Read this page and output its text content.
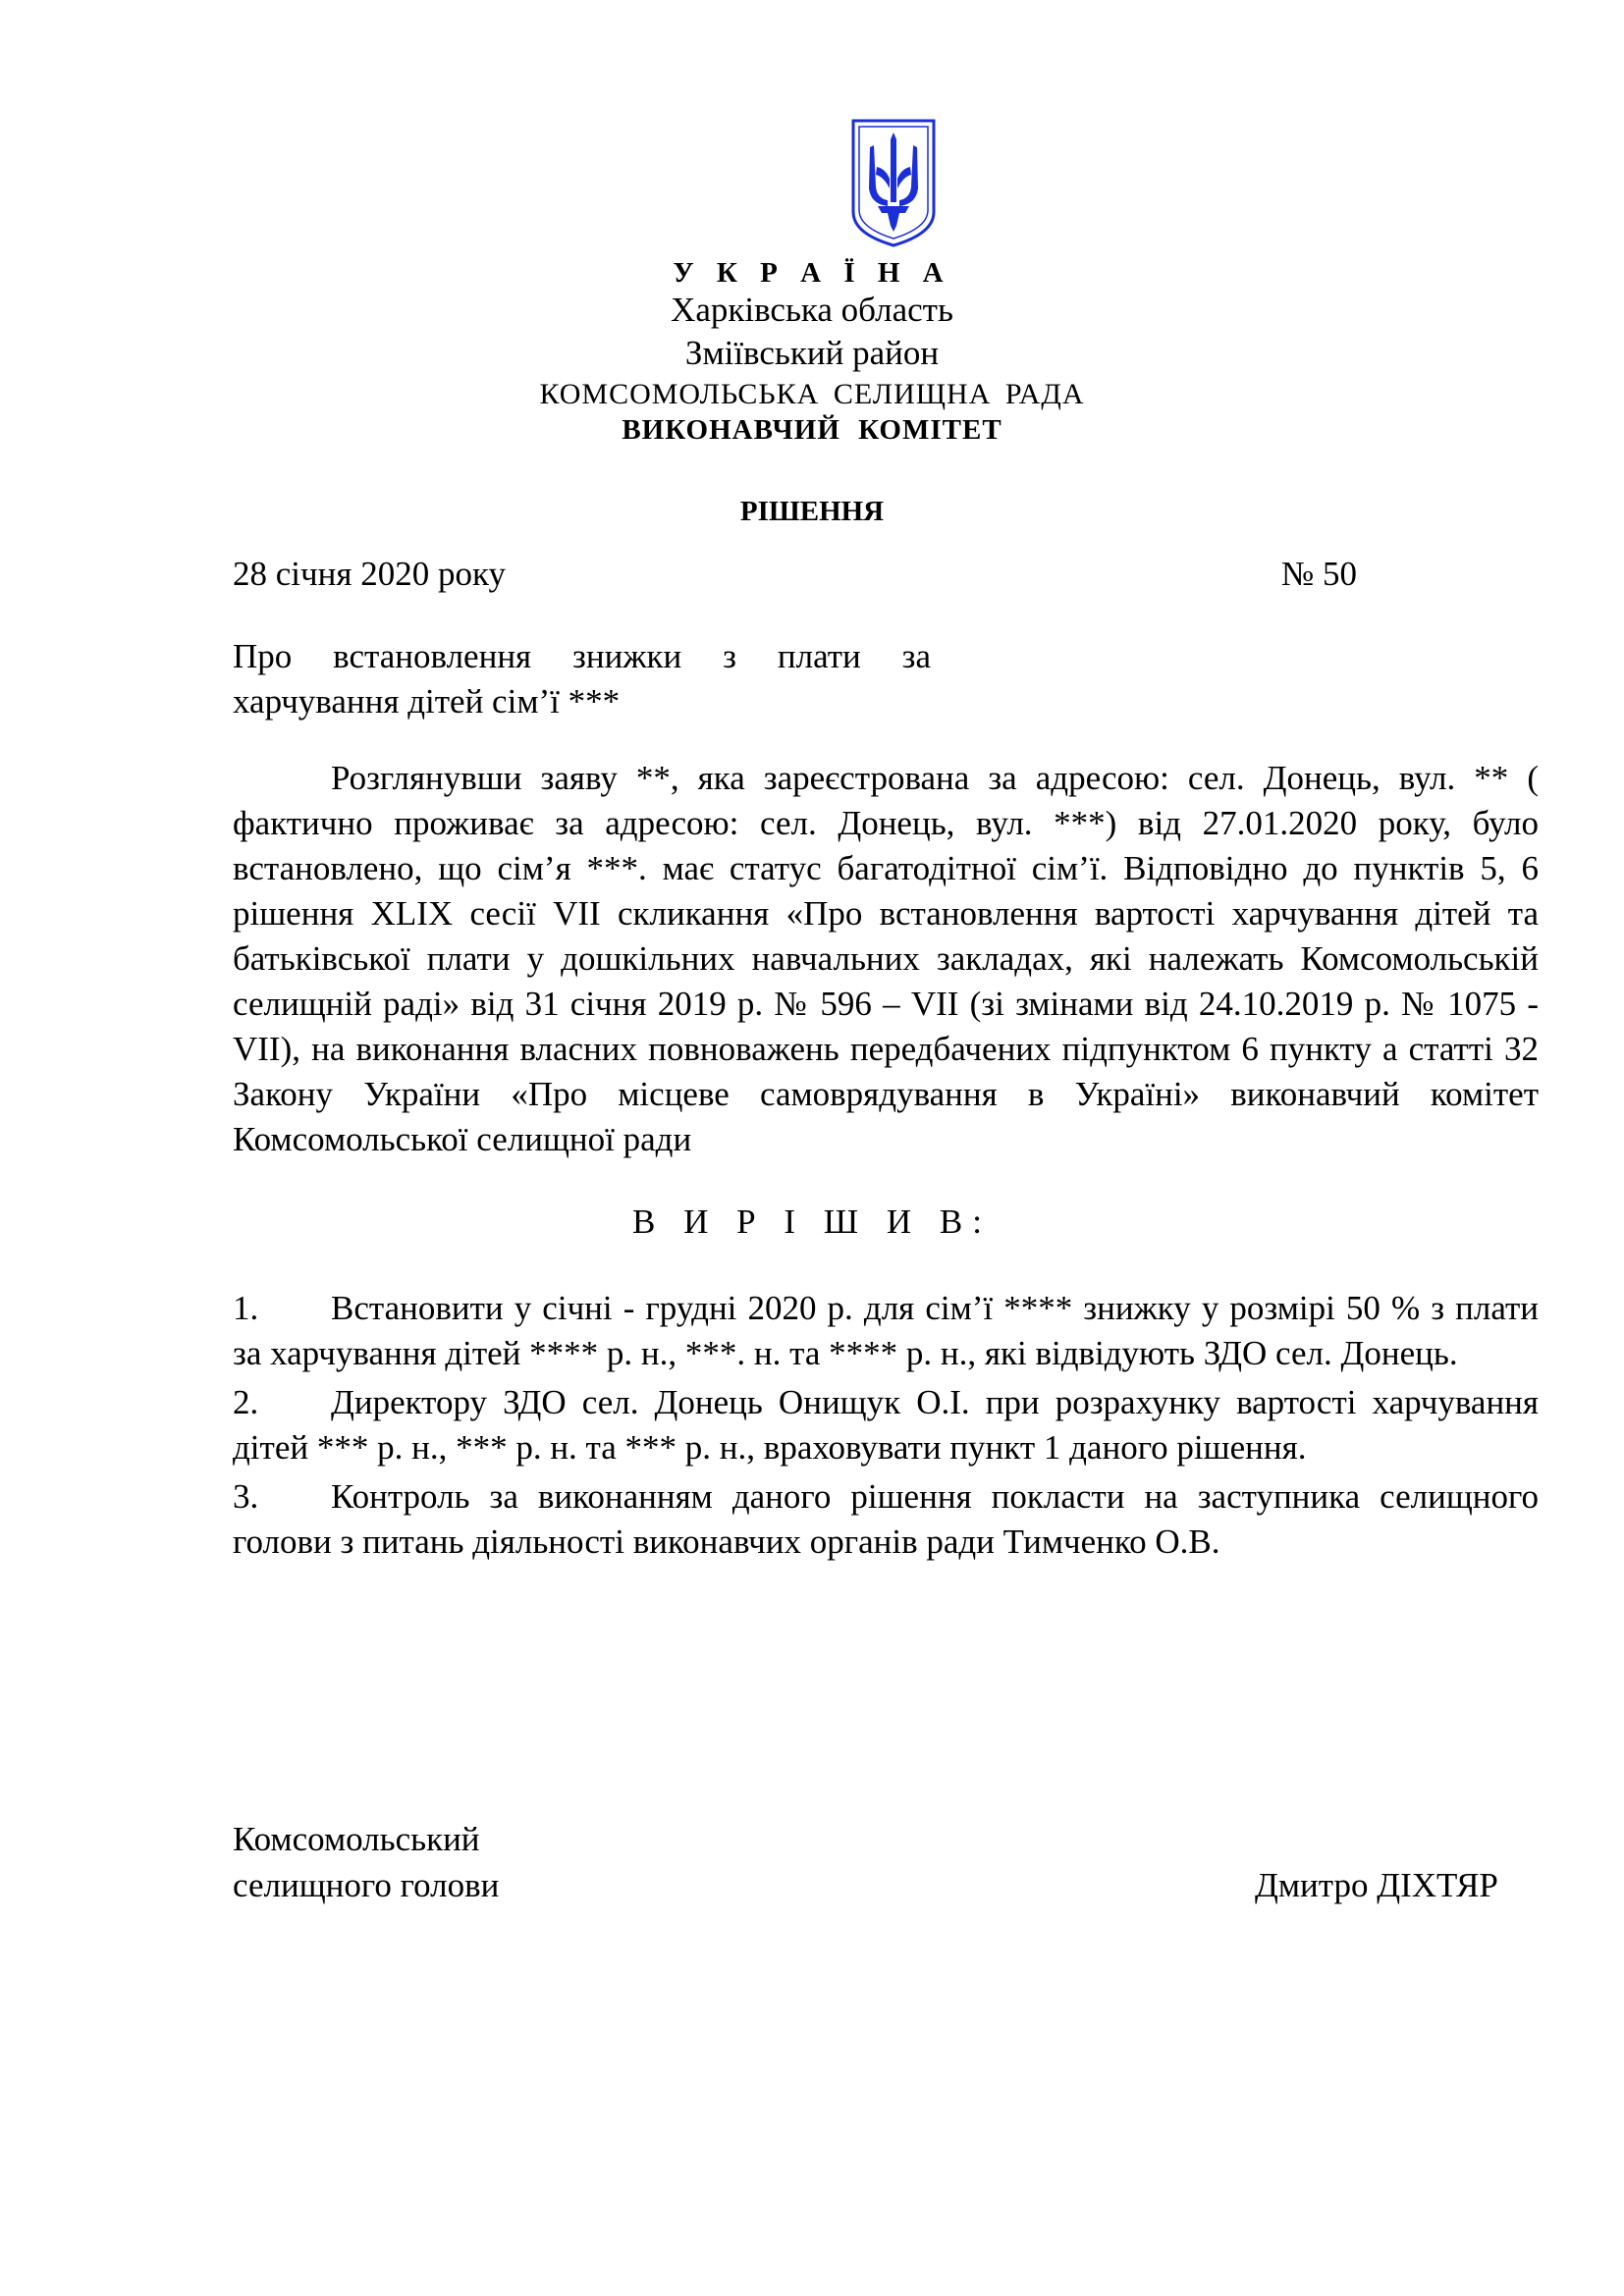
У К Р А Ї Н А
Харківська область
Зміївський район
КОМСОМОЛЬСЬКА СЕЛИЩНА РАДА
ВИКОНАВЧИЙ КОМІТЕТ
РІШЕННЯ
28 січня 2020 року	№ 50
Про встановлення знижки з плати за харчування дітей сім’ї ***

Розглянувши заяву **, яка зареєстрована за адресою: сел. Донець, вул. ** ( фактично проживає за адресою: сел. Донець, вул. ***) від 27.01.2020 року, було встановлено, що сім’я ***. має статус багатодітної сім’ї. Відповідно до пунктів 5, 6 рішення XLIX сесії VII скликання «Про встановлення вартості харчування дітей та батьківської плати у дошкільних навчальних закладах, які належать Комсомольській селищній раді» від 31 січня 2019 р. № 596 – VII (зі змінами від 24.10.2019 р. № 1075 - VII), на виконання власних повноважень передбачених підпунктом 6 пункту а статті 32 Закону України «Про місцеве самоврядування в Україні» виконавчий комітет Комсомольської селищної ради

В И Р І Ш И В:

1. Встановити у січні - грудні 2020 р. для сім’ї **** знижку у розмірі 50 % з плати за харчування дітей **** р. н., ***. н. та **** р. н., які відвідують ЗДО сел. Донець.

2. Директору ЗДО сел. Донець Онищук О.І. при розрахунку вартості харчування дітей *** р. н., *** р. н. та *** р. н., враховувати пункт 1 даного рішення.

3. Контроль за виконанням даного рішення покласти на заступника селищного голови з питань діяльності виконавчих органів ради Тимченко О.В.

Комсомольський
селищного голови	Дмитро ДІХТЯР
